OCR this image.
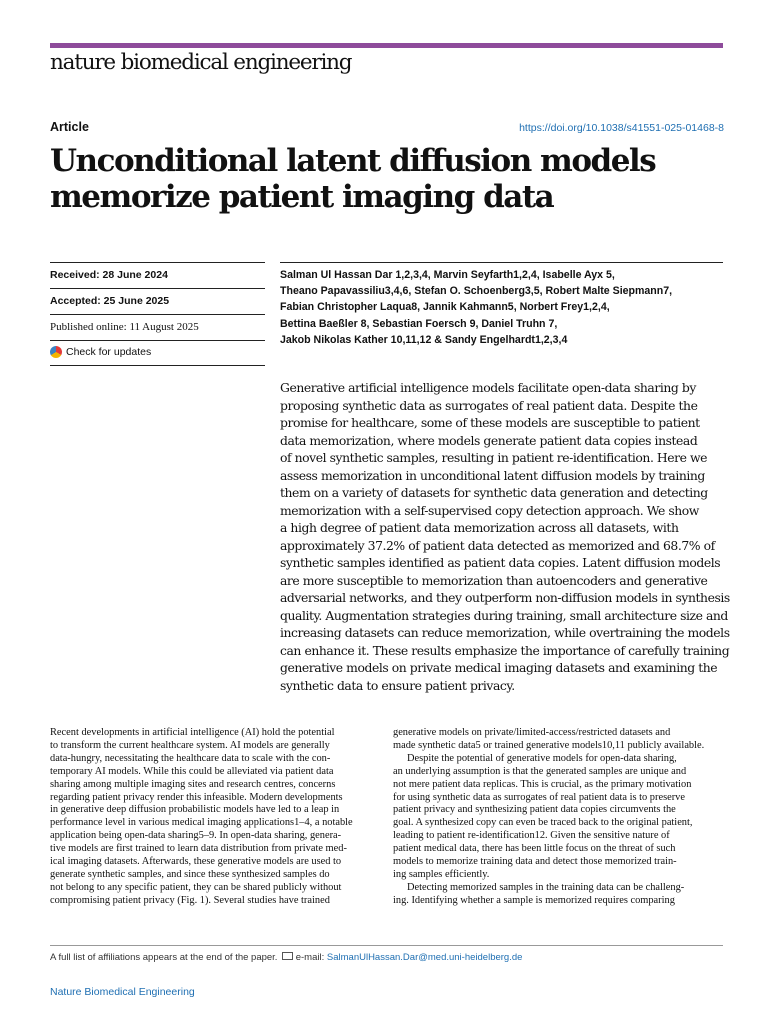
nature biomedical engineering
Article	https://doi.org/10.1038/s41551-025-01468-8
Unconditional latent diffusion models
memorize patient imaging data
Received: 28 June 2024
Accepted: 25 June 2025
Published online: 11 August 2025
Check for updates

Salman Ul Hassan Dar 1,2,3,4, Marvin Seyfarth1,2,4, Isabelle Ayx 5,

Theano Papavassiliu3,4,6, Stefan O. Schoenberg3,5, Robert Malte Siepmann7,

Fabian Christopher Laqua8, Jannik Kahmann5, Norbert Frey1,2,4,

Bettina Baeßler 8, Sebastian Foersch 9, Daniel Truhn 7,

Jakob Nikolas Kather 10,11,12 & Sandy Engelhardt1,2,3,4

Generative artificial intelligence models facilitate open-data sharing by

proposing synthetic data as surrogates of real patient data. Despite the

promise for healthcare, some of these models are susceptible to patient

data memorization, where models generate patient data copies instead

of novel synthetic samples, resulting in patient re-identification. Here we

assess memorization in unconditional latent diffusion models by training

them on a variety of datasets for synthetic data generation and detecting

memorization with a self-supervised copy detection approach. We show

a high degree of patient data memorization across all datasets, with

approximately 37.2% of patient data detected as memorized and 68.7% of

synthetic samples identified as patient data copies. Latent diffusion models

are more susceptible to memorization than autoencoders and generative

adversarial networks, and they outperform non-diffusion models in synthesis

quality. Augmentation strategies during training, small architecture size and

increasing datasets can reduce memorization, while overtraining the models

can enhance it. These results emphasize the importance of carefully training

generative models on private medical imaging datasets and examining the

synthetic data to ensure patient privacy.

Recent developments in artificial intelligence (AI) hold the potential

to transform the current healthcare system. AI models are generally

data-hungry, necessitating the healthcare data to scale with the con-

temporary AI models. While this could be alleviated via patient data

sharing among multiple imaging sites and research centres, concerns

regarding patient privacy render this infeasible. Modern developments

in generative deep diffusion probabilistic models have led to a leap in

performance level in various medical imaging applications1–4, a notable

application being open-data sharing5–9. In open-data sharing, genera-

tive models are first trained to learn data distribution from private med-

ical imaging datasets. Afterwards, these generative models are used to

generate synthetic samples, and since these synthesized samples do

not belong to any specific patient, they can be shared publicly without

compromising patient privacy (Fig. 1). Several studies have trained

generative models on private/limited-access/restricted datasets and

made synthetic data5 or trained generative models10,11 publicly available.

Despite the potential of generative models for open-data sharing,

an underlying assumption is that the generated samples are unique and

not mere patient data replicas. This is crucial, as the primary motivation

for using synthetic data as surrogates of real patient data is to preserve

patient privacy and synthesizing patient data copies circumvents the

goal. A synthesized copy can even be traced back to the original patient,

leading to patient re-identification12. Given the sensitive nature of

patient medical data, there has been little focus on the threat of such

models to memorize training data and detect those memorized train-

ing samples efficiently.

Detecting memorized samples in the training data can be challeng-

ing. Identifying whether a sample is memorized requires comparing

A full list of affiliations appears at the end of the paper. e-mail: SalmanUlHassan.Dar@med.uni-heidelberg.de
Nature Biomedical Engineering
